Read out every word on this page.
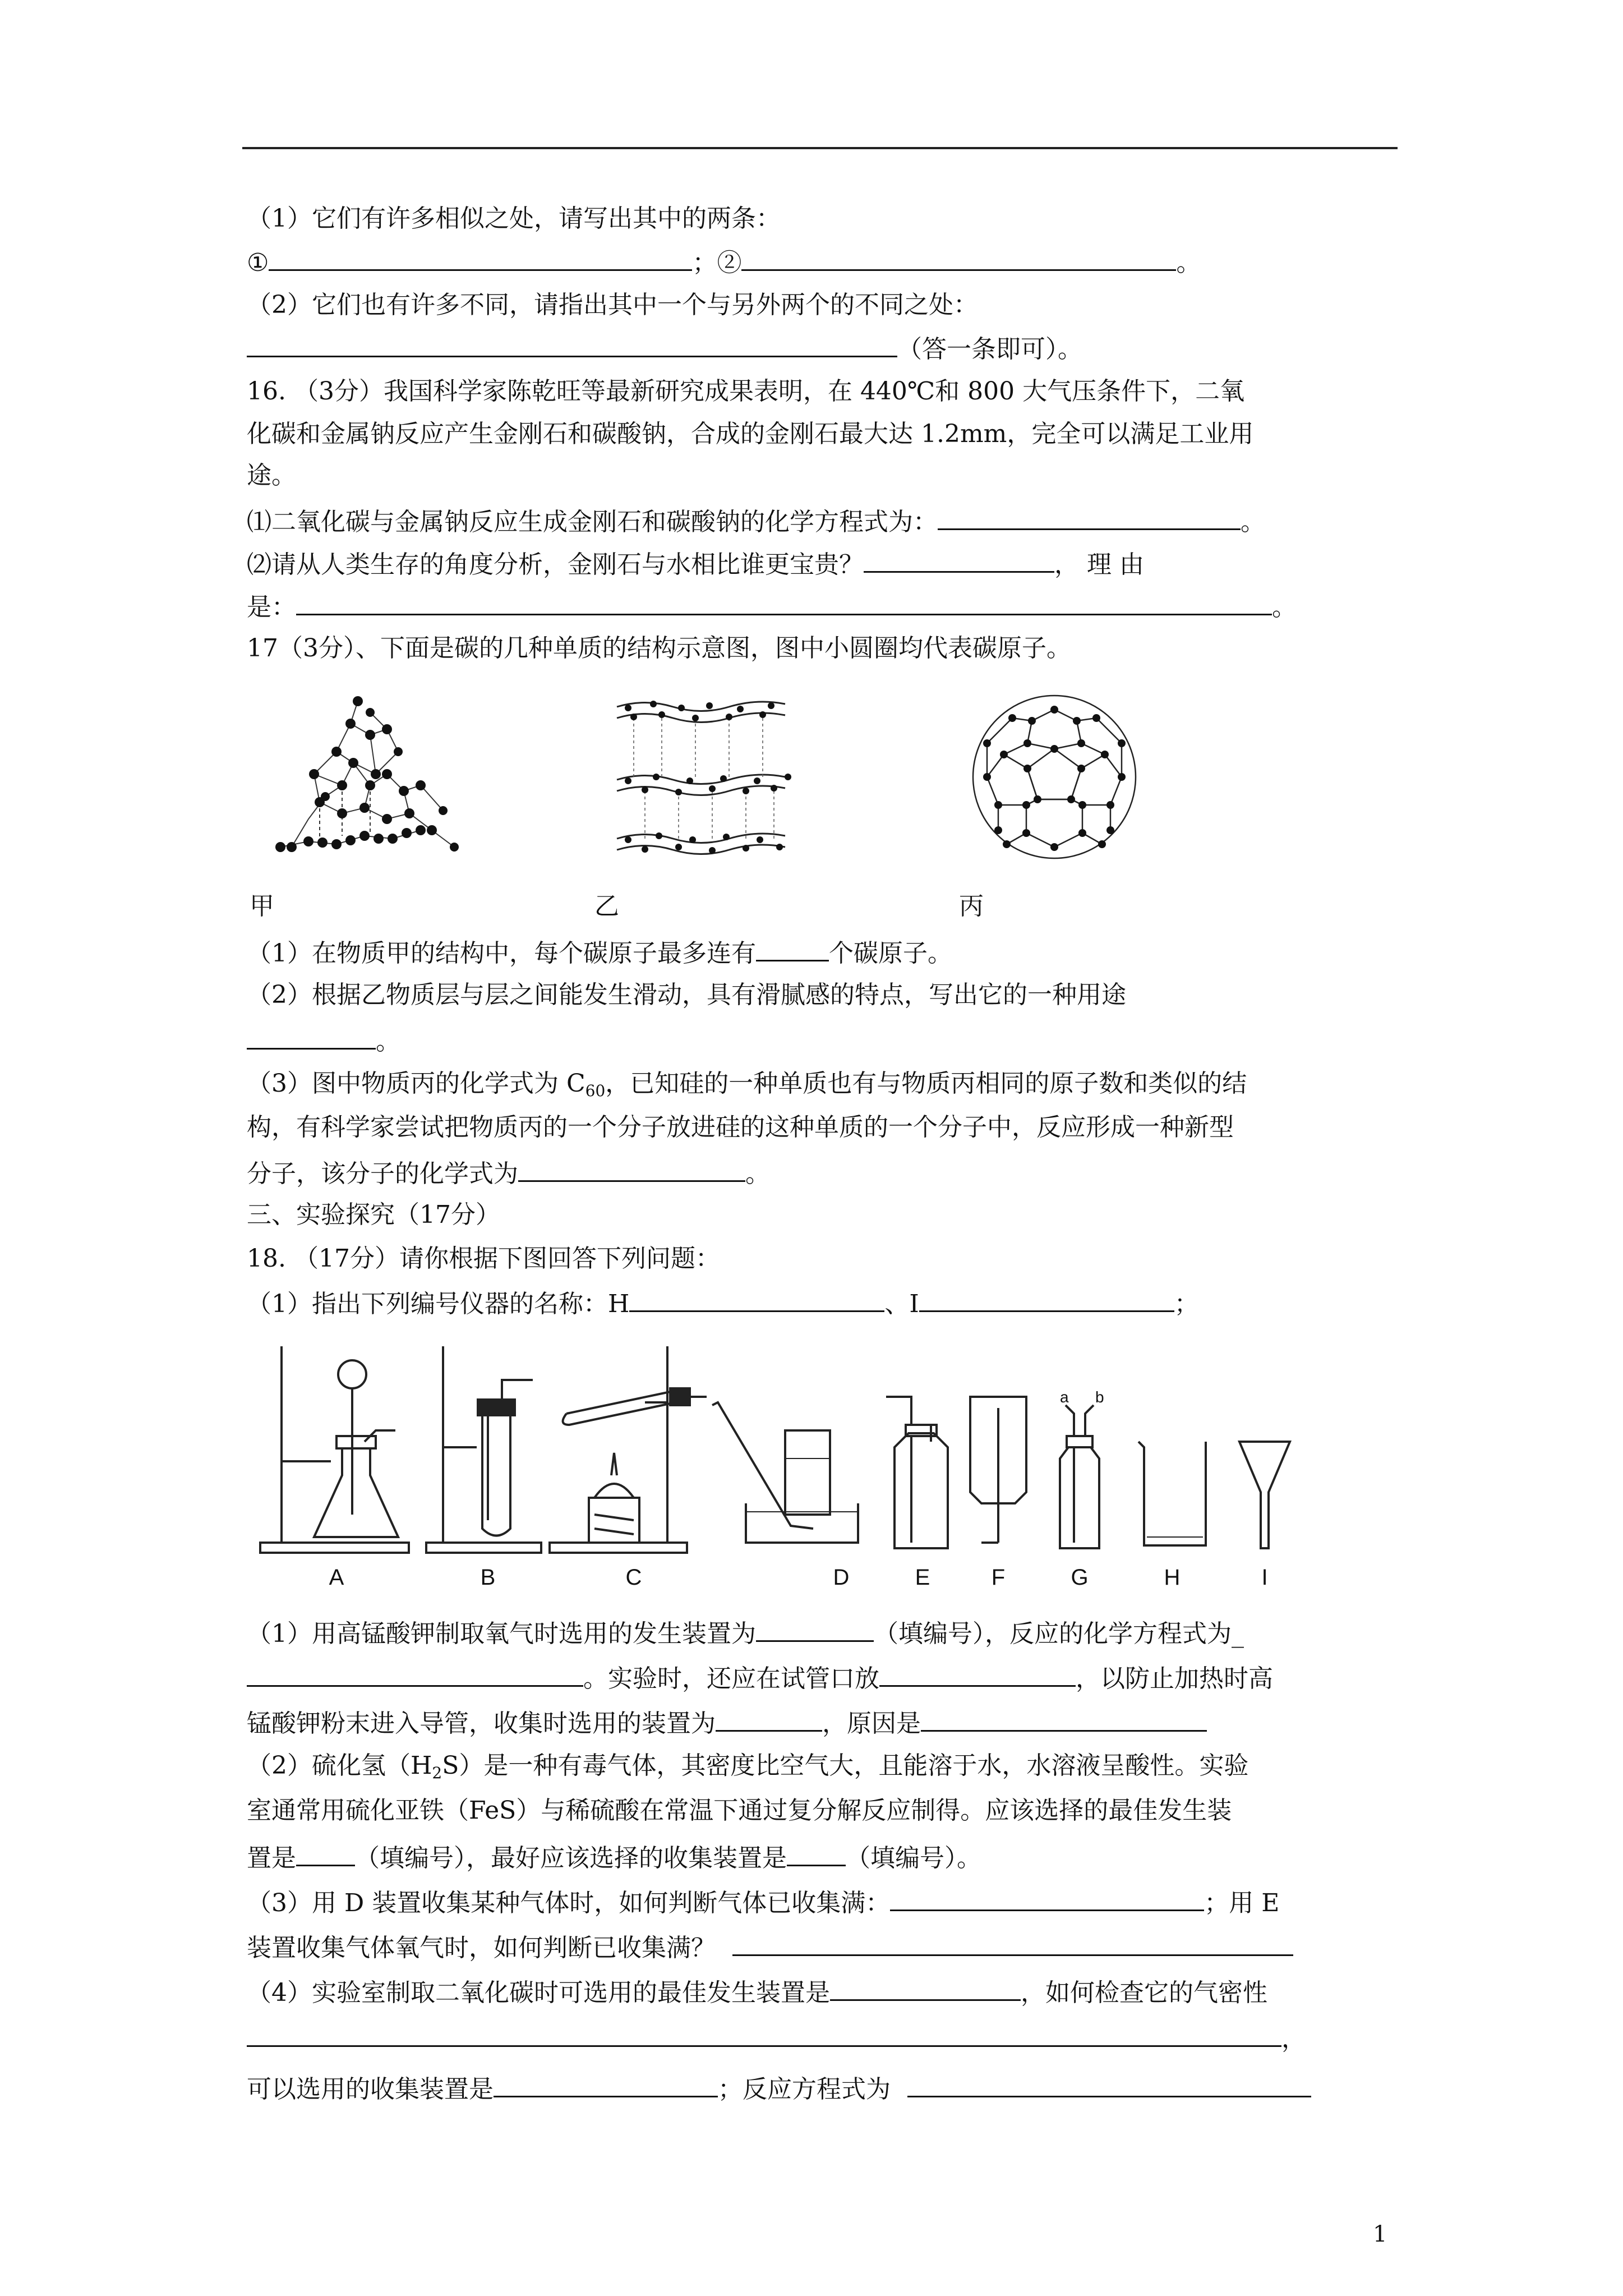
（1）它们有许多相似之处，请写出其中的两条：
①	；②	。
（2）它们也有许多不同，请指出其中一个与另外两个的不同之处：
（答一条即可）。
16. （3分）我国科学家陈乾旺等最新研究成果表明，在 440℃和 800 大气压条件下，二氧
化碳和金属钠反应产生金刚石和碳酸钠，合成的金刚石最大达 1.2mm，完全可以满足工业用
途。
⑴二氧化碳与金属钠反应生成金刚石和碳酸钠的化学方程式为：	。
⑵请从人类生存的角度分析，金刚石与水相比谁更宝贵？	， 理 由
是：	。
17（3分）、下面是碳的几种单质的结构示意图，图中小圆圈均代表碳原子。
甲	乙	丙
（1）在物质甲的结构中，每个碳原子最多连有	个碳原子。
（2）根据乙物质层与层之间能发生滑动，具有滑腻感的特点，写出它的一种用途
。
（3）图中物质丙的化学式为 $C_{60}$，已知硅的一种单质也有与物质丙相同的原子数和类似的结
构，有科学家尝试把物质丙的一个分子放进硅的这种单质的一个分子中，反应形成一种新型
分子，该分子的化学式为	。
三、实验探究（17分）
18. （17分）请你根据下图回答下列问题：
（1）指出下列编号仪器的名称：H	、I	；
A	B	C	D	E	F	G	H	I
a b
（1）用高锰酸钾制取氧气时选用的发生装置为	（填编号），反应的化学方程式为_
。实验时，还应在试管口放	，以防止加热时高
锰酸钾粉末进入导管，收集时选用的装置为	，原因是
（2）硫化氢$(H_2S)$是一种有毒气体，其密度比空气大，且能溶于水，水溶液呈酸性。实验
室通常用硫化亚铁（FeS）与稀硫酸在常温下通过复分解反应制得。应该选择的最佳发生装
置是 （填编号），最好应该选择的收集装置是 （填编号）。
（3）用 D 装置收集某种气体时，如何判断气体已收集满：	；用 E
装置收集气体氧气时，如何判断已收集满？
（4）实验室制取二氧化碳时可选用的最佳发生装置是	，如何检查它的气密性
，
可以选用的收集装置是	；反应方程式为
1
